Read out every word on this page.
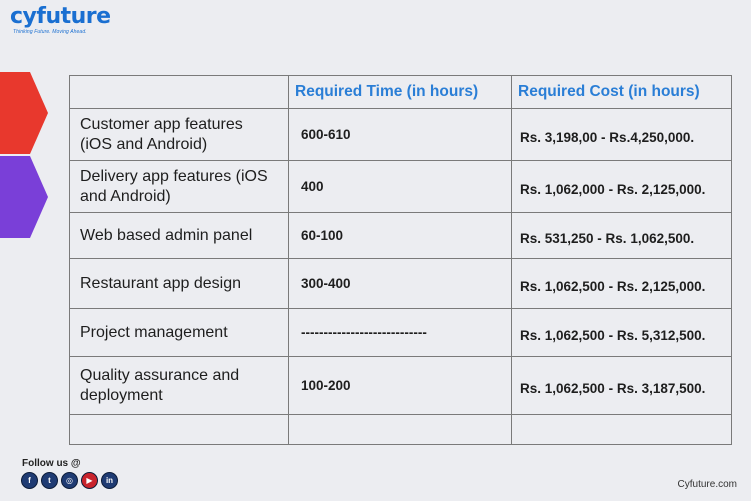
cyfuture
Thinking Future. Moving Ahead.
	Required Time (in hours)	Required Cost (in hours)
Customer app features (iOS and Android)	600-610	Rs. 3,198,00 - Rs.4,250,000.
Delivery app features (iOS and Android)	400	Rs. 1,062,000 - Rs. 2,125,000.
Web based admin panel	60-100	Rs. 531,250 - Rs. 1,062,500.
Restaurant app design	300-400	Rs. 1,062,500 - Rs. 2,125,000.
Project management	----------------------------	Rs. 1,062,500 - Rs. 5,312,500.
Quality assurance and deployment	100-200	Rs. 1,062,500 - Rs. 3,187,500.

Follow us @
f	t	◎	▶	in	Cyfuture.com
